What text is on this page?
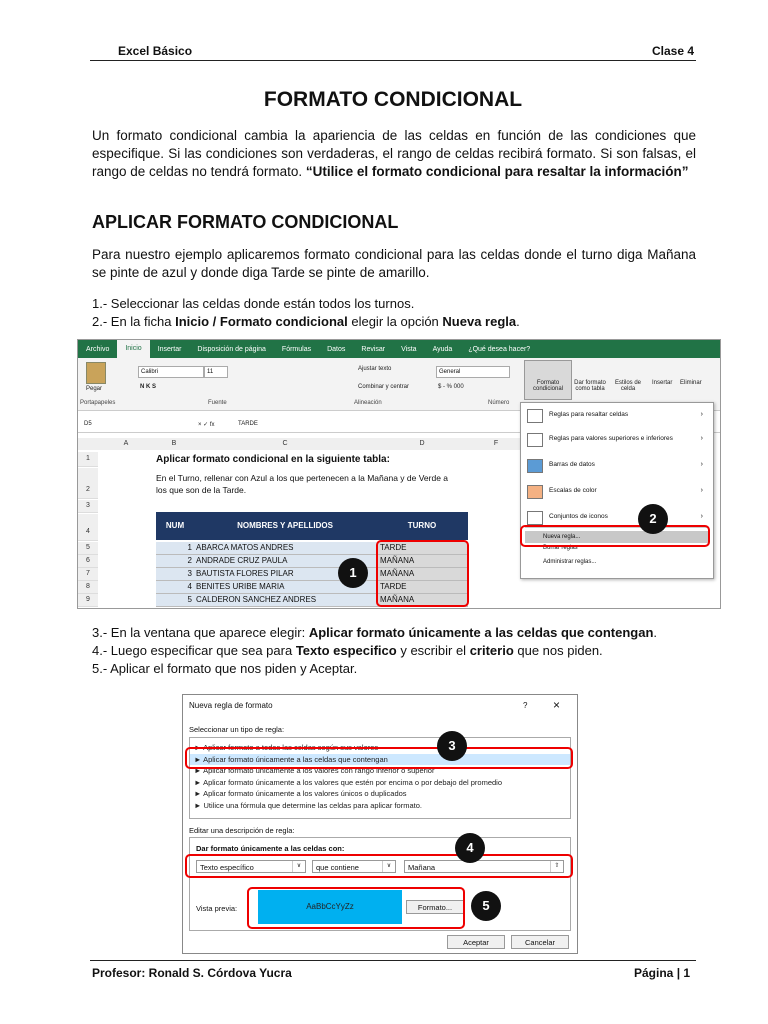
Excel Básico	Clase 4
FORMATO CONDICIONAL
Un formato condicional cambia la apariencia de las celdas en función de las condiciones que especifique. Si las condiciones son verdaderas, el rango de celdas recibirá formato. Si son falsas, el rango de celdas no tendrá formato. “Utilice el formato condicional para resaltar la información”
APLICAR FORMATO CONDICIONAL
Para nuestro ejemplo aplicaremos formato condicional para las celdas donde el turno diga Mañana se pinte de azul y donde diga Tarde se pinte de amarillo.
1.- Seleccionar las celdas donde están todos los turnos.
2.- En la ficha Inicio / Formato condicional elegir la opción Nueva regla.
Archivo	Inicio	Insertar	Disposición de página	Fórmulas	Datos	Revisar	Vista	Ayuda	¿Qué desea hacer?
Pegar
Calibri	11
N K S
Ajustar texto
Combinar y centrar
General
$ - % 000
Formato condicional
Dar formato como tabla
Estilos de celda
Insertar Eliminar
Portapapeles	Fuente	Alineación	Número
D5	× ✓ fx	TARDE
A	B	C	D	F
1	Aplicar formato condicional en la siguiente tabla:
2
En el Turno, rellenar con Azul a los que pertenecen a la Mañana y de Verde a los que son de la Tarde.
3
4
NUM	NOMBRES Y APELLIDOS	TURNO
5	1 ABARCA MATOS ANDRES	TARDE
6	2 ANDRADE CRUZ PAULA	MAÑANA
7	3 BAUTISTA FLORES PILAR	MAÑANA
8	4 BENITES URIBE MARIA	TARDE
9	5 CALDERON SANCHEZ ANDRES	MAÑANA
Reglas para resaltar celdas	›
Reglas para valores superiores e inferiores	›
Barras de datos	›
Escalas de color	›
Conjuntos de iconos	›
Nueva regla...
Borrar reglas
Administrar reglas...
1
2
3.- En la ventana que aparece elegir: Aplicar formato únicamente a las celdas que contengan.
4.- Luego especificar que sea para Texto especifico y escribir el criterio que nos piden.
5.- Aplicar el formato que nos piden y Aceptar.
Nueva regla de formato	? ×
Seleccionar un tipo de regla:
► Aplicar formato a todas las celdas según sus valores
► Aplicar formato únicamente a las celdas que contengan
► Aplicar formato únicamente a los valores con rango inferior o superior
► Aplicar formato únicamente a los valores que estén por encima o por debajo del promedio
► Aplicar formato únicamente a los valores únicos o duplicados
► Utilice una fórmula que determine las celdas para aplicar formato.
Editar una descripción de regla:
Dar formato únicamente a las celdas con:
Texto específico	∨	que contiene	∨	Mañana	⇧
Vista previa:	AaBbCcYyZz	Formato...
Aceptar	Cancelar
3
4
5
Profesor: Ronald S. Córdova Yucra	Página | 1
